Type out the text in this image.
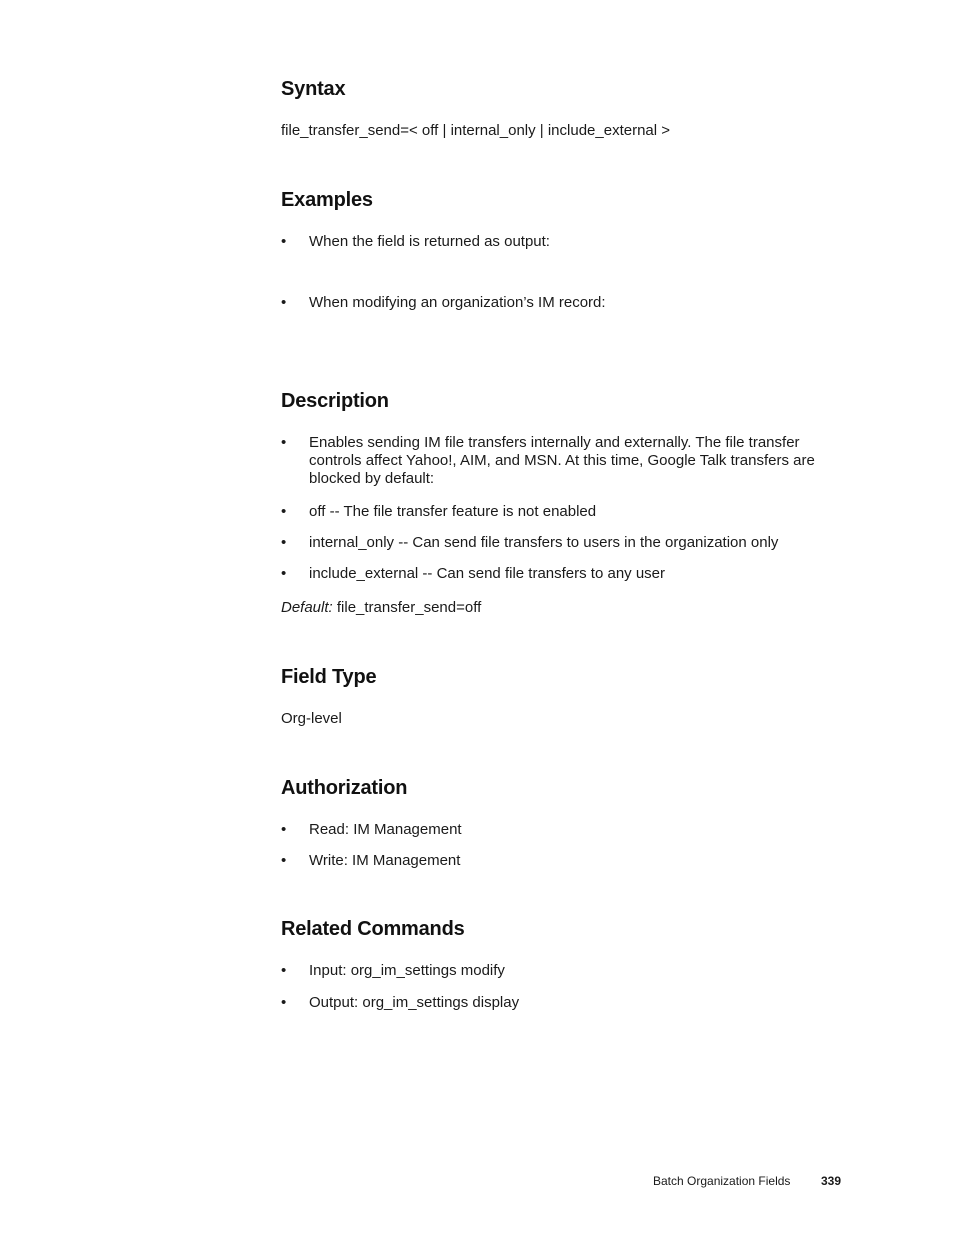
Syntax

file_transfer_send=< off | internal_only | include_external >

Examples
• When the field is returned as output:
• When modifying an organization’s IM record:
Description
• Enables sending IM file transfers internally and externally. The file transfer controls affect Yahoo!, AIM, and MSN. At this time, Google Talk transfers are blocked by default:
• off -- The file transfer feature is not enabled
• internal_only -- Can send file transfers to users in the organization only
• include_external -- Can send file transfers to any user

Default: file_transfer_send=off

Field Type

Org-level

Authorization
• Read: IM Management
• Write: IM Management
Related Commands
• Input: org_im_settings modify
• Output: org_im_settings display
Batch Organization Fields	339
